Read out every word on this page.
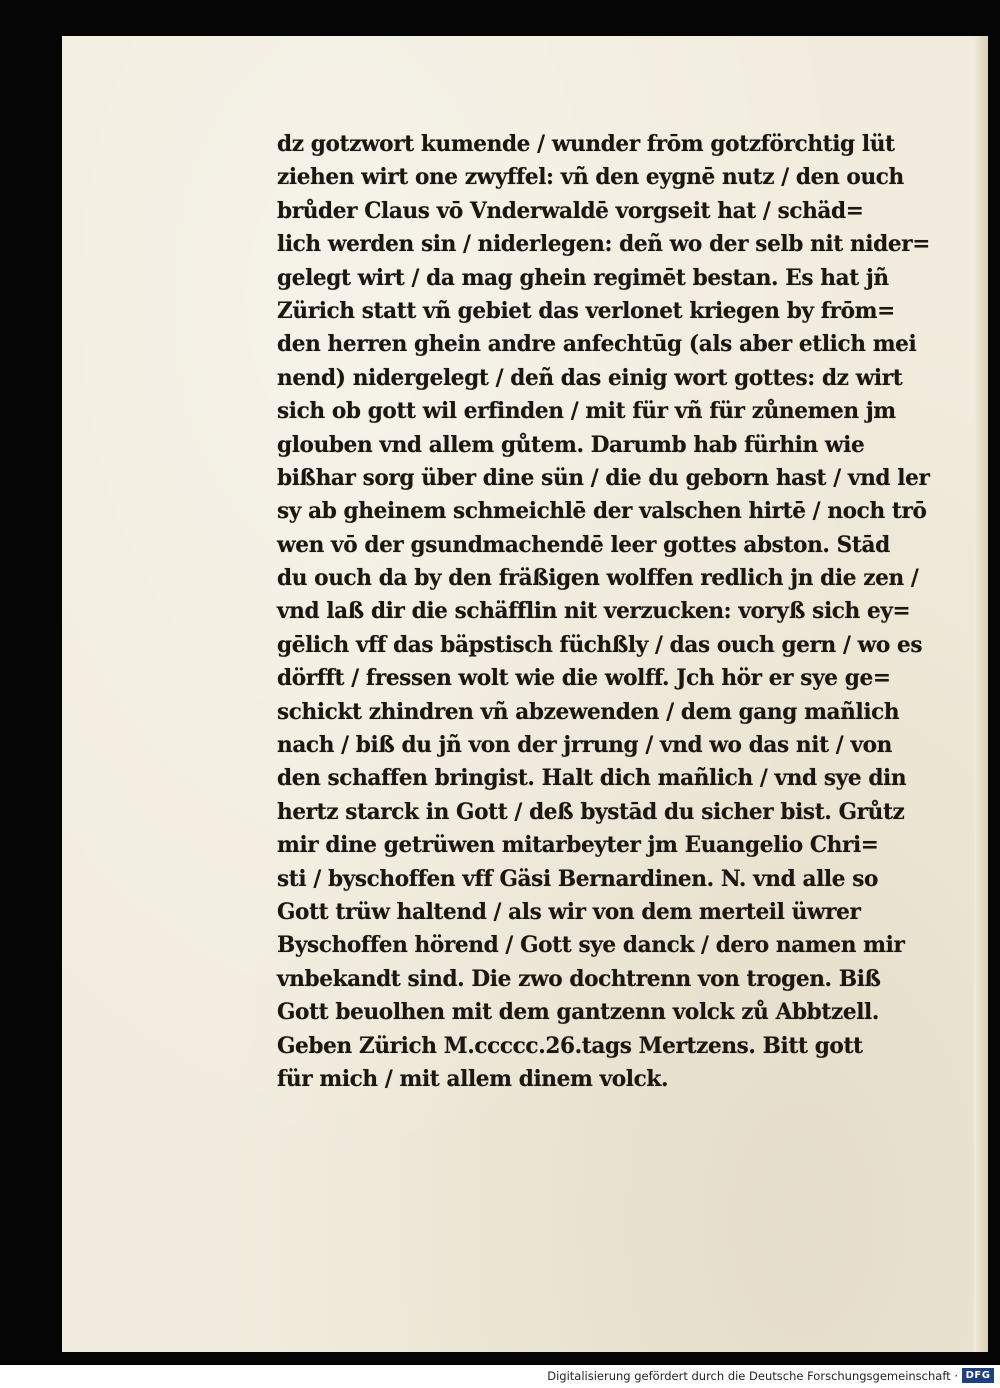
dz gotzwort kumende / wunder frōm gotzförchtig lüt
ziehen wirt one zwyffel: vñ den eygnē nutz / den ouch
brůder Claus vō Vnderwaldē vorgseit hat / schäd=
lich werden sin / niderlegen: deñ wo der selb nit nider=
gelegt wirt / da mag ghein regimēt bestan. Es hat jñ
Zürich statt vñ gebiet das verlonet kriegen by frōm=
den herren ghein andre anfechtūg (als aber etlich mei
nend) nidergelegt / deñ das einig wort gottes: dz wirt
sich ob gott wil erfinden / mit für vñ für zůnemen jm
glouben vnd allem gůtem. Darumb hab fürhin wie
bißhar sorg über dine sün / die du geborn hast / vnd ler
sy ab gheinem schmeichlē der valschen hirtē / noch trō
wen vō der gsundmachendē leer gottes abston. Stād
du ouch da by den fräßigen wolffen redlich jn die zen /
vnd laß dir die schäfflin nit verzucken: vorуß sich ey=
gēlich vff das bäpstisch füchßly / das ouch gern / wo es
dörfft / fressen wolt wie die wolff. Jch hör er sye ge=
schickt zhindren vñ abzewenden / dem gang mañlich
nach / biß du jñ von der jrrung / vnd wo das nit / von
den schaffen bringist. Halt dich mañlich / vnd sye din
hertz starck in Gott / deß bystād du sicher bist. Grůtz
mir dine getrüwen mitarbeyter jm Euangelio Chri=
sti / byschoffen vff Gäsi Bernardinen. N. vnd alle so
Gott trüw haltend / als wir von dem merteil üwrer
Byschoffen hörend / Gott sye danck / dero namen mir
vnbekandt sind. Die zwo dochtrenn von trogen. Biß
Gott beuolhen mit dem gantzenn volck zů Abbtzell.
Geben Zürich M.ccccc.26.tags Mertzens. Bitt gott
für mich / mit allem dinem volck.
Digitalisierung gefördert durch die Deutsche Forschungsgemeinschaft · DFG
